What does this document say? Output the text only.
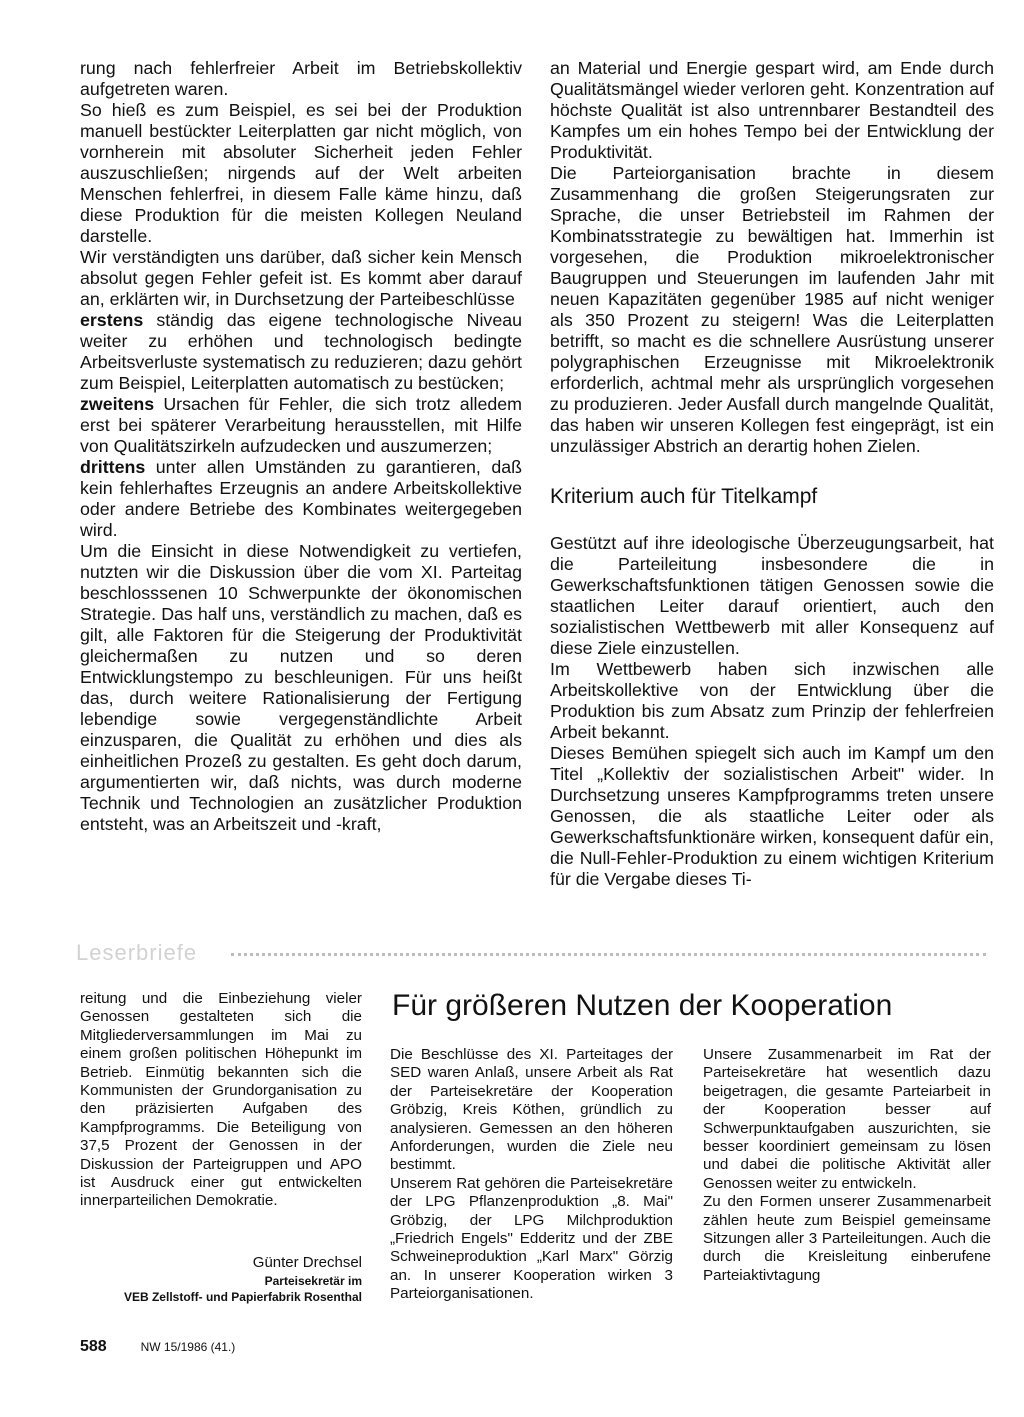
rung nach fehlerfreier Arbeit im Betriebskollektiv aufgetreten waren.

So hieß es zum Beispiel, es sei bei der Produktion manuell bestückter Leiterplatten gar nicht möglich, von vornherein mit absoluter Sicherheit jeden Fehler auszuschließen; nirgends auf der Welt arbeiten Menschen fehlerfrei, in diesem Falle käme hinzu, daß diese Produktion für die meisten Kollegen Neuland darstelle.

Wir verständigten uns darüber, daß sicher kein Mensch absolut gegen Fehler gefeit ist. Es kommt aber darauf an, erklärten wir, in Durchsetzung der Parteibeschlüsse

erstens ständig das eigene technologische Niveau weiter zu erhöhen und technologisch bedingte Arbeitsverluste systematisch zu reduzieren; dazu gehört zum Beispiel, Leiterplatten automatisch zu bestücken;

zweitens Ursachen für Fehler, die sich trotz alledem erst bei späterer Verarbeitung herausstellen, mit Hilfe von Qualitätszirkeln aufzudecken und auszumerzen;

drittens unter allen Umständen zu garantieren, daß kein fehlerhaftes Erzeugnis an andere Arbeitskollektive oder andere Betriebe des Kombinates weitergegeben wird.

Um die Einsicht in diese Notwendigkeit zu vertiefen, nutzten wir die Diskussion über die vom XI. Parteitag beschlosssenen 10 Schwerpunkte der ökonomischen Strategie. Das half uns, verständlich zu machen, daß es gilt, alle Faktoren für die Steigerung der Produktivität gleichermaßen zu nutzen und so deren Entwicklungstempo zu beschleunigen. Für uns heißt das, durch weitere Rationalisierung der Fertigung lebendige sowie vergegenständlichte Arbeit einzusparen, die Qualität zu erhöhen und dies als einheitlichen Prozeß zu gestalten. Es geht doch darum, argumentierten wir, daß nichts, was durch moderne Technik und Technologien an zusätzlicher Produktion entsteht, was an Arbeitszeit und -kraft,

an Material und Energie gespart wird, am Ende durch Qualitätsmängel wieder verloren geht. Konzentration auf höchste Qualität ist also untrennbarer Bestandteil des Kampfes um ein hohes Tempo bei der Entwicklung der Produktivität.

Die Parteiorganisation brachte in diesem Zusammenhang die großen Steigerungsraten zur Sprache, die unser Betriebsteil im Rahmen der Kombinatsstrategie zu bewältigen hat. Immerhin ist vorgesehen, die Produktion mikroelektronischer Baugruppen und Steuerungen im laufenden Jahr mit neuen Kapazitäten gegenüber 1985 auf nicht weniger als 350 Prozent zu steigern! Was die Leiterplatten betrifft, so macht es die schnellere Ausrüstung unserer polygraphischen Erzeugnisse mit Mikroelektronik erforderlich, achtmal mehr als ursprünglich vorgesehen zu produzieren. Jeder Ausfall durch mangelnde Qualität, das haben wir unseren Kollegen fest eingeprägt, ist ein unzulässiger Abstrich an derartig hohen Zielen.

Kriterium auch für Titelkampf

Gestützt auf ihre ideologische Überzeugungsarbeit, hat die Parteileitung insbesondere die in Gewerkschaftsfunktionen tätigen Genossen sowie die staatlichen Leiter darauf orientiert, auch den sozialistischen Wettbewerb mit aller Konsequenz auf diese Ziele einzustellen.

Im Wettbewerb haben sich inzwischen alle Arbeitskollektive von der Entwicklung über die Produktion bis zum Absatz zum Prinzip der fehlerfreien Arbeit bekannt.

Dieses Bemühen spiegelt sich auch im Kampf um den Titel „Kollektiv der sozialistischen Arbeit" wider. In Durchsetzung unseres Kampfprogramms treten unsere Genossen, die als staatliche Leiter oder als Gewerkschaftsfunktionäre wirken, konsequent dafür ein, die Null-Fehler-Produktion zu einem wichtigen Kriterium für die Vergabe dieses Ti-

Leserbriefe

reitung und die Einbeziehung vieler Genossen gestalteten sich die Mitgliederversammlungen im Mai zu einem großen politischen Höhepunkt im Betrieb. Einmütig bekannten sich die Kommunisten der Grundorganisation zu den präzisierten Aufgaben des Kampfprogramms. Die Beteiligung von 37,5 Prozent der Genossen in der Diskussion der Parteigruppen und APO ist Ausdruck einer gut entwickelten innerparteilichen Demokratie.

Günter Drechsel
Parteisekretär im
VEB Zellstoff- und Papierfabrik Rosenthal
Für größeren Nutzen der Kooperation

Die Beschlüsse des XI. Parteitages der SED waren Anlaß, unsere Arbeit als Rat der Parteisekretäre der Kooperation Gröbzig, Kreis Köthen, gründlich zu analysieren. Gemessen an den höheren Anforderungen, wurden die Ziele neu bestimmt.

Unserem Rat gehören die Parteisekretäre der LPG Pflanzenproduktion „8. Mai" Gröbzig, der LPG Milchproduktion „Friedrich Engels" Edderitz und der ZBE Schweineproduktion „Karl Marx" Görzig an. In unserer Kooperation wirken 3 Parteiorganisationen.

Unsere Zusammenarbeit im Rat der Parteisekretäre hat wesentlich dazu beigetragen, die gesamte Parteiarbeit in der Kooperation besser auf Schwerpunktaufgaben auszurichten, sie besser koordiniert gemeinsam zu lösen und dabei die politische Aktivität aller Genossen weiter zu entwickeln.

Zu den Formen unserer Zusammenarbeit zählen heute zum Beispiel gemeinsame Sitzungen aller 3 Parteileitungen. Auch die durch die Kreisleitung einberufene Parteiaktivtagung

588	NW 15/1986 (41.)
